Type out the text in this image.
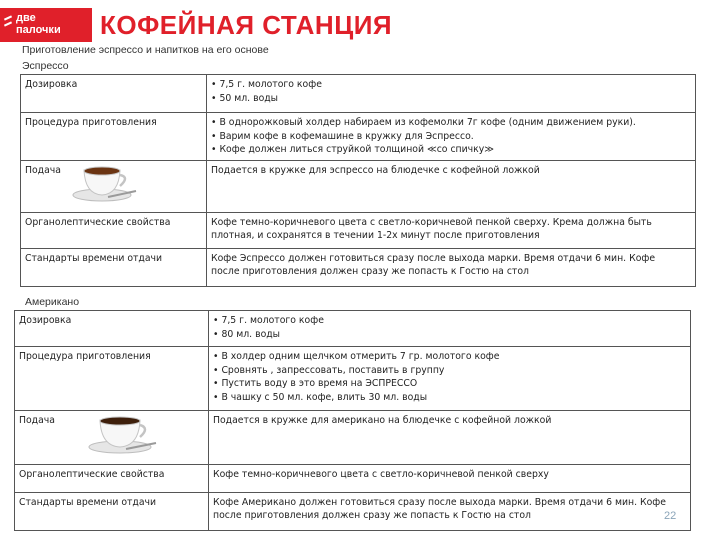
две
палочки	КОФЕЙНАЯ СТАНЦИЯ
Приготовление эспрессо и напитков на его основе
Эспрессо
Дозировка	• 7,5 г. молотого кофе
• 50 мл. воды

Процедура приготовления	• В однорожковый холдер набираем из кофемолки 7г кофе (одним движением руки).
• Варим кофе в кофемашине в кружку для Эспрессо.
• Кофе должен литься струйкой толщиной ≪со спичку≫

Подача	Подается в кружке для эспрессо на блюдечке с кофейной ложкой

Органолептические свойства	Кофе темно-коричневого цвета с светло-коричневой пенкой сверху. Крема должна быть
плотная, и сохранятся в течении 1-2х минут после приготовления

Стандарты времени отдачи	Кофе Эспрессо должен готовиться сразу после выхода марки. Время отдачи 6 мин. Кофе
после приготовления должен сразу же попасть к Гостю на стол
Американо
Дозировка	• 7,5 г. молотого кофе
• 80 мл. воды

Процедура приготовления	• В холдер одним щелчком отмерить 7 гр. молотого кофе
• Сровнять , запрессовать, поставить в группу
• Пустить воду в это время на ЭСПРЕССО
• В чашку с 50 мл. кофе, влить 30 мл. воды

Подача	Подается в кружке для американо на блюдечке с кофейной ложкой

Органолептические свойства	Кофе темно-коричневого цвета с светло-коричневой пенкой сверху

Стандарты времени отдачи	Кофе Американо должен готовиться сразу после выхода марки. Время отдачи 6 мин. Кофе
после приготовления должен сразу же попасть к Гостю на стол	22
